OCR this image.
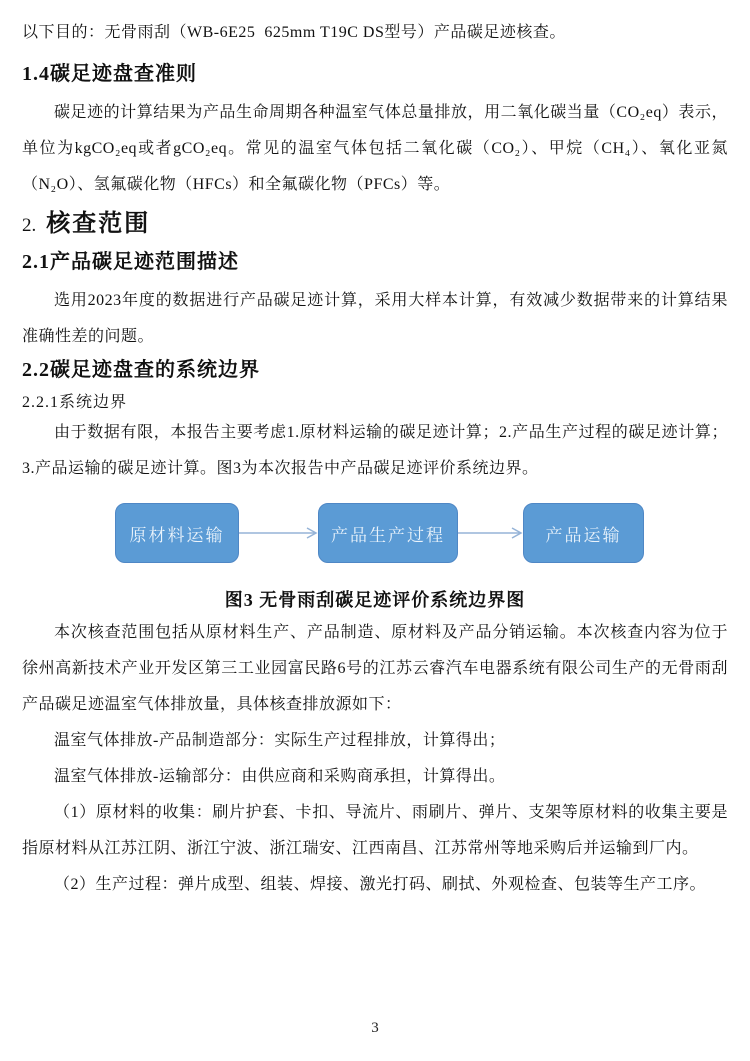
以下目的：无骨雨刮（WB-6E25  625mm T19C DS型号）产品碳足迹核查。

1.4碳足迹盘查准则

碳足迹的计算结果为产品生命周期各种温室气体总量排放，用二氧化碳当量（CO₂eq）表示，单位为kgCO₂eq或者gCO₂eq。常见的温室气体包括二氧化碳（CO₂）、甲烷（CH₄）、氧化亚氮（N₂O）、氢氟碳化物（HFCs）和全氟碳化物（PFCs）等。

2. 核查范围
2.1产品碳足迹范围描述

选用2023年度的数据进行产品碳足迹计算，采用大样本计算，有效减少数据带来的计算结果准确性差的问题。

2.2碳足迹盘查的系统边界
2.2.1系统边界

由于数据有限，本报告主要考虑1.原材料运输的碳足迹计算；2.产品生产过程的碳足迹计算；3.产品运输的碳足迹计算。图3为本次报告中产品碳足迹评价系统边界。

原材料运输	产品生产过程	产品运输
图3 无骨雨刮碳足迹评价系统边界图

本次核查范围包括从原材料生产、产品制造、原材料及产品分销运输。本次核查内容为位于徐州高新技术产业开发区第三工业园富民路6号的江苏云睿汽车电器系统有限公司生产的无骨雨刮产品碳足迹温室气体排放量，具体核查排放源如下：

温室气体排放-产品制造部分：实际生产过程排放，计算得出；

温室气体排放-运输部分：由供应商和采购商承担，计算得出。

（1）原材料的收集：刷片护套、卡扣、导流片、雨刷片、弹片、支架等原材料的收集主要是指原材料从江苏江阴、浙江宁波、浙江瑞安、江西南昌、江苏常州等地采购后并运输到厂内。

（2）生产过程：弹片成型、组装、焊接、激光打码、刷拭、外观检查、包装等生产工序。

3
